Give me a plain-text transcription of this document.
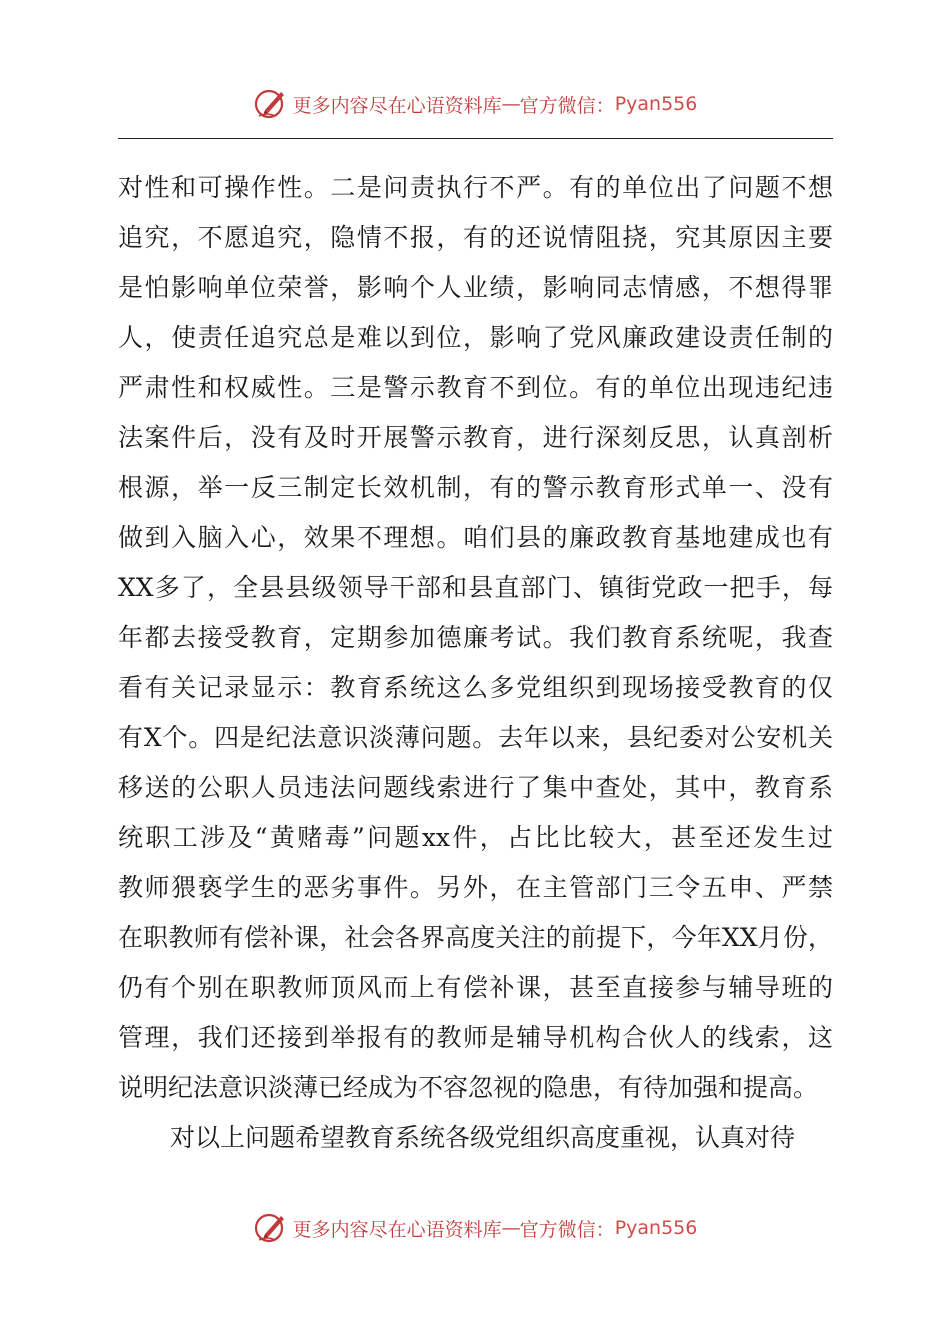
更多内容尽在心语资料库 — 官方微信： Pyan556
对性和可操作性。二是问责执行不严。有的单位出了问题不想
追究，不愿追究，隐情不报，有的还说情阻挠，究其原因主要
是怕影响单位荣誉，影响个人业绩，影响同志情感，不想得罪
人，使责任追究总是难以到位，影响了党风廉政建设责任制的
严肃性和权威性。三是警示教育不到位。有的单位出现违纪违
法案件后，没有及时开展警示教育，进行深刻反思，认真剖析
根源，举一反三制定长效机制，有的警示教育形式单一、没有
做到入脑入心，效果不理想。咱们县的廉政教育基地建成也有
XX多了，全县县级领导干部和县直部门、镇街党政一把手，每
年都去接受教育，定期参加德廉考试。我们教育系统呢，我查
看有关记录显示：教育系统这么多党组织到现场接受教育的仅
有X个。四是纪法意识淡薄问题。去年以来，县纪委对公安机关
移送的公职人员违法问题线索进行了集中查处，其中，教育系
统职工涉及“黄赌毒”问题xx件，占比比较大，甚至还发生过
教师猥亵学生的恶劣事件。另外，在主管部门三令五申、严禁
在职教师有偿补课，社会各界高度关注的前提下，今年XX月份，
仍有个别在职教师顶风而上有偿补课，甚至直接参与辅导班的
管理，我们还接到举报有的教师是辅导机构合伙人的线索，这
说明纪法意识淡薄已经成为不容忽视的隐患，有待加强和提高。
对以上问题希望教育系统各级党组织高度重视，认真对待
更多内容尽在心语资料库 — 官方微信： Pyan556
